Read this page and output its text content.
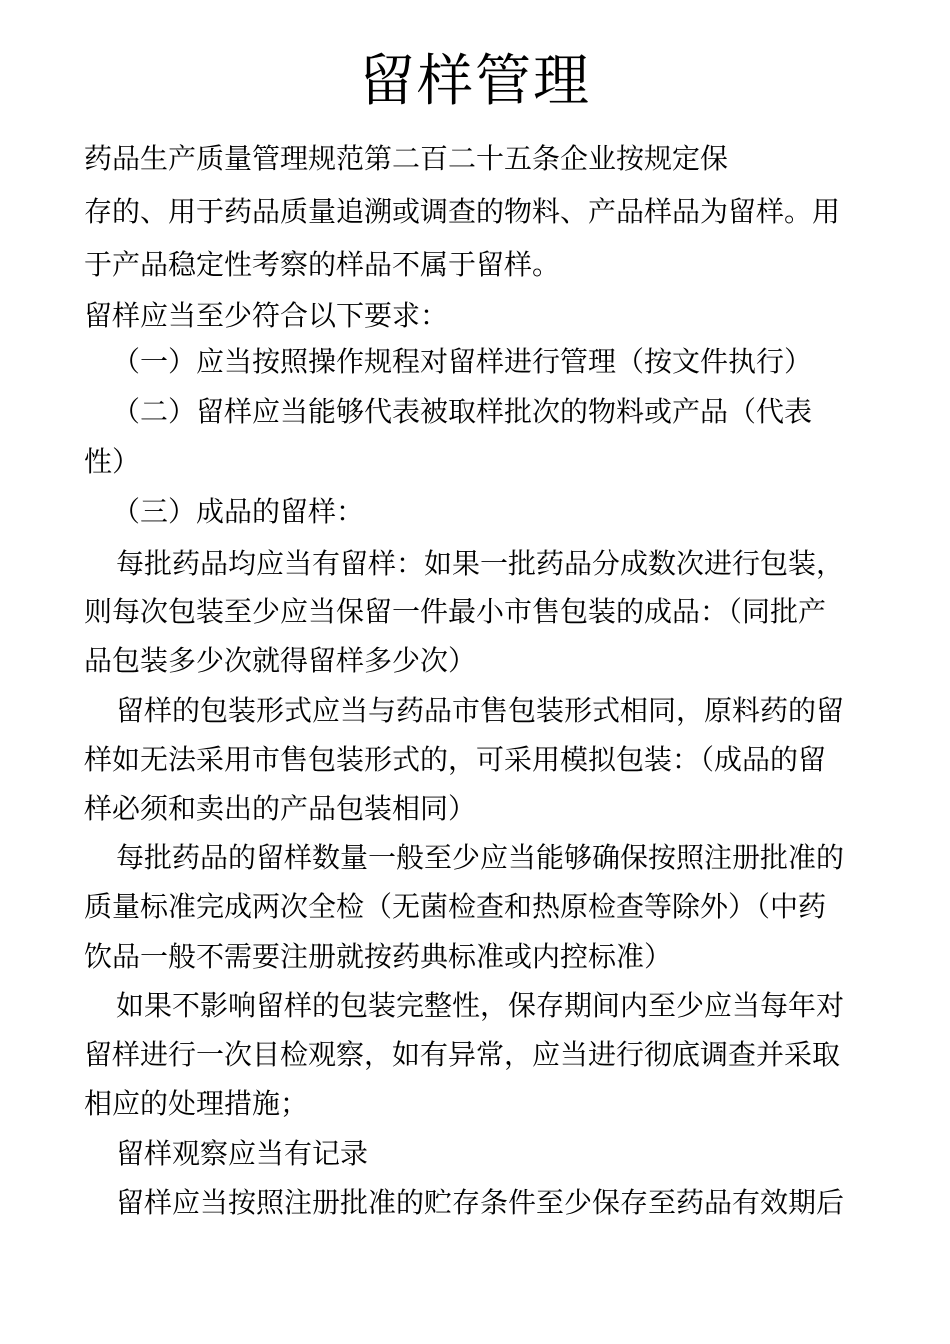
留样管理
药品生产质量管理规范第二百二十五条企业按规定保
存的、用于药品质量追溯或调查的物料、产品样品为留样。用
于产品稳定性考察的样品不属于留样。
留样应当至少符合以下要求：
（一）应当按照操作规程对留样进行管理（按文件执行）
（二）留样应当能够代表被取样批次的物料或产品（代表
性）
（三）成品的留样：
每批药品均应当有留样：如果一批药品分成数次进行包装，
则每次包装至少应当保留一件最小市售包装的成品：（同批产
品包装多少次就得留样多少次）
留样的包装形式应当与药品市售包装形式相同，原料药的留
样如无法采用市售包装形式的，可采用模拟包装：（成品的留
样必须和卖出的产品包装相同）
每批药品的留样数量一般至少应当能够确保按照注册批准的
质量标准完成两次全检（无菌检查和热原检查等除外）（中药
饮品一般不需要注册就按药典标准或内控标准）
如果不影响留样的包装完整性，保存期间内至少应当每年对
留样进行一次目检观察，如有异常，应当进行彻底调查并采取
相应的处理措施；
留样观察应当有记录
留样应当按照注册批准的贮存条件至少保存至药品有效期后
